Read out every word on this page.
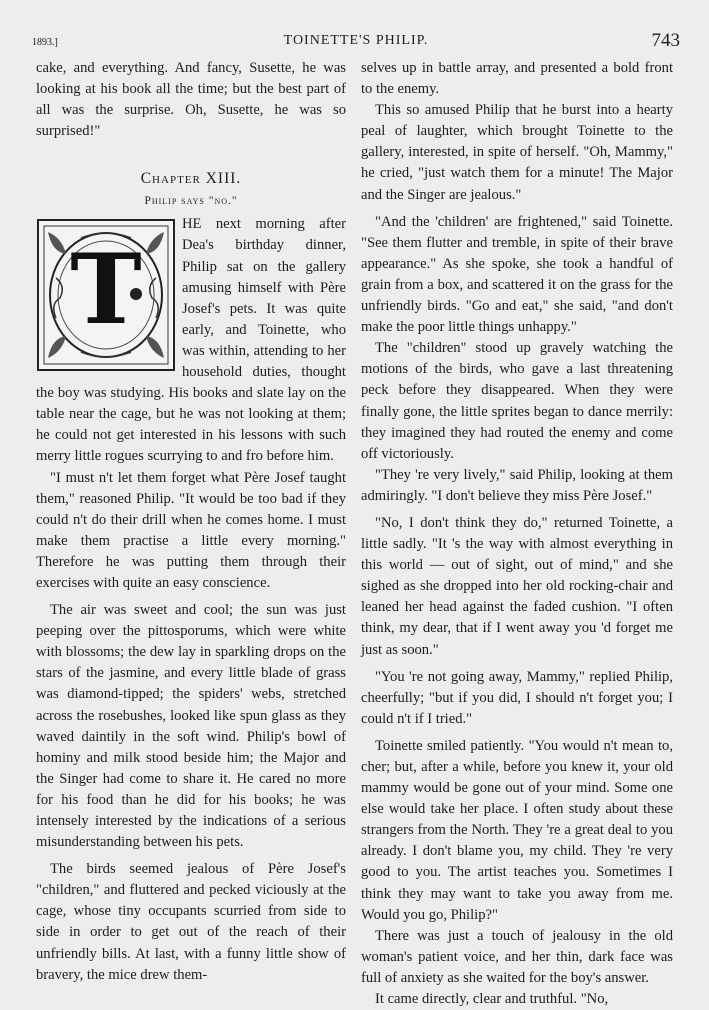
1893.]	TOINETTE'S PHILIP.	743

cake, and everything. And fancy, Susette, he was looking at his book all the time; but the best part of all was the surprise. Oh, Susette, he was so surprised!"

Chapter XIII.
Philip says "no."
T

HE next morning after Dea's birthday dinner, Philip sat on the gallery amusing himself with Père Josef's pets. It was quite early, and Toinette, who was within, attending to her household duties, thought the boy was studying. His books and slate lay on the table near the cage, but he was not looking at them; he could not get interested in his lessons with such merry little rogues scurrying to and fro before him.

"I must n't let them forget what Père Josef taught them," reasoned Philip. "It would be too bad if they could n't do their drill when he comes home. I must make them practise a little every morning." Therefore he was putting them through their exercises with quite an easy conscience.

The air was sweet and cool; the sun was just peeping over the pittosporums, which were white with blossoms; the dew lay in sparkling drops on the stars of the jasmine, and every little blade of grass was diamond-tipped; the spiders' webs, stretched across the rosebushes, looked like spun glass as they waved daintily in the soft wind. Philip's bowl of hominy and milk stood beside him; the Major and the Singer had come to share it. He cared no more for his food than he did for his books; he was intensely interested by the indications of a serious misunderstanding between his pets.

The birds seemed jealous of Père Josef's "children," and fluttered and pecked viciously at the cage, whose tiny occupants scurried from side to side in order to get out of the reach of their unfriendly bills. At last, with a funny little show of bravery, the mice drew them-

selves up in battle array, and presented a bold front to the enemy.

This so amused Philip that he burst into a hearty peal of laughter, which brought Toinette to the gallery, interested, in spite of herself. "Oh, Mammy," he cried, "just watch them for a minute! The Major and the Singer are jealous."

"And the 'children' are frightened," said Toinette. "See them flutter and tremble, in spite of their brave appearance." As she spoke, she took a handful of grain from a box, and scattered it on the grass for the unfriendly birds. "Go and eat," she said, "and don't make the poor little things unhappy."

The "children" stood up gravely watching the motions of the birds, who gave a last threatening peck before they disappeared. When they were finally gone, the little sprites began to dance merrily: they imagined they had routed the enemy and come off victoriously.

"They 're very lively," said Philip, looking at them admiringly. "I don't believe they miss Père Josef."

"No, I don't think they do," returned Toinette, a little sadly. "It 's the way with almost everything in this world — out of sight, out of mind," and she sighed as she dropped into her old rocking-chair and leaned her head against the faded cushion. "I often think, my dear, that if I went away you 'd forget me just as soon."

"You 're not going away, Mammy," replied Philip, cheerfully; "but if you did, I should n't forget you; I could n't if I tried."

Toinette smiled patiently. "You would n't mean to, cher; but, after a while, before you knew it, your old mammy would be gone out of your mind. Some one else would take her place. I often study about these strangers from the North. They 're a great deal to you already. I don't blame you, my child. They 're very good to you. The artist teaches you. Sometimes I think they may want to take you away from me. Would you go, Philip?"

There was just a touch of jealousy in the old woman's patient voice, and her thin, dark face was full of anxiety as she waited for the boy's answer.

It came directly, clear and truthful. "No,
